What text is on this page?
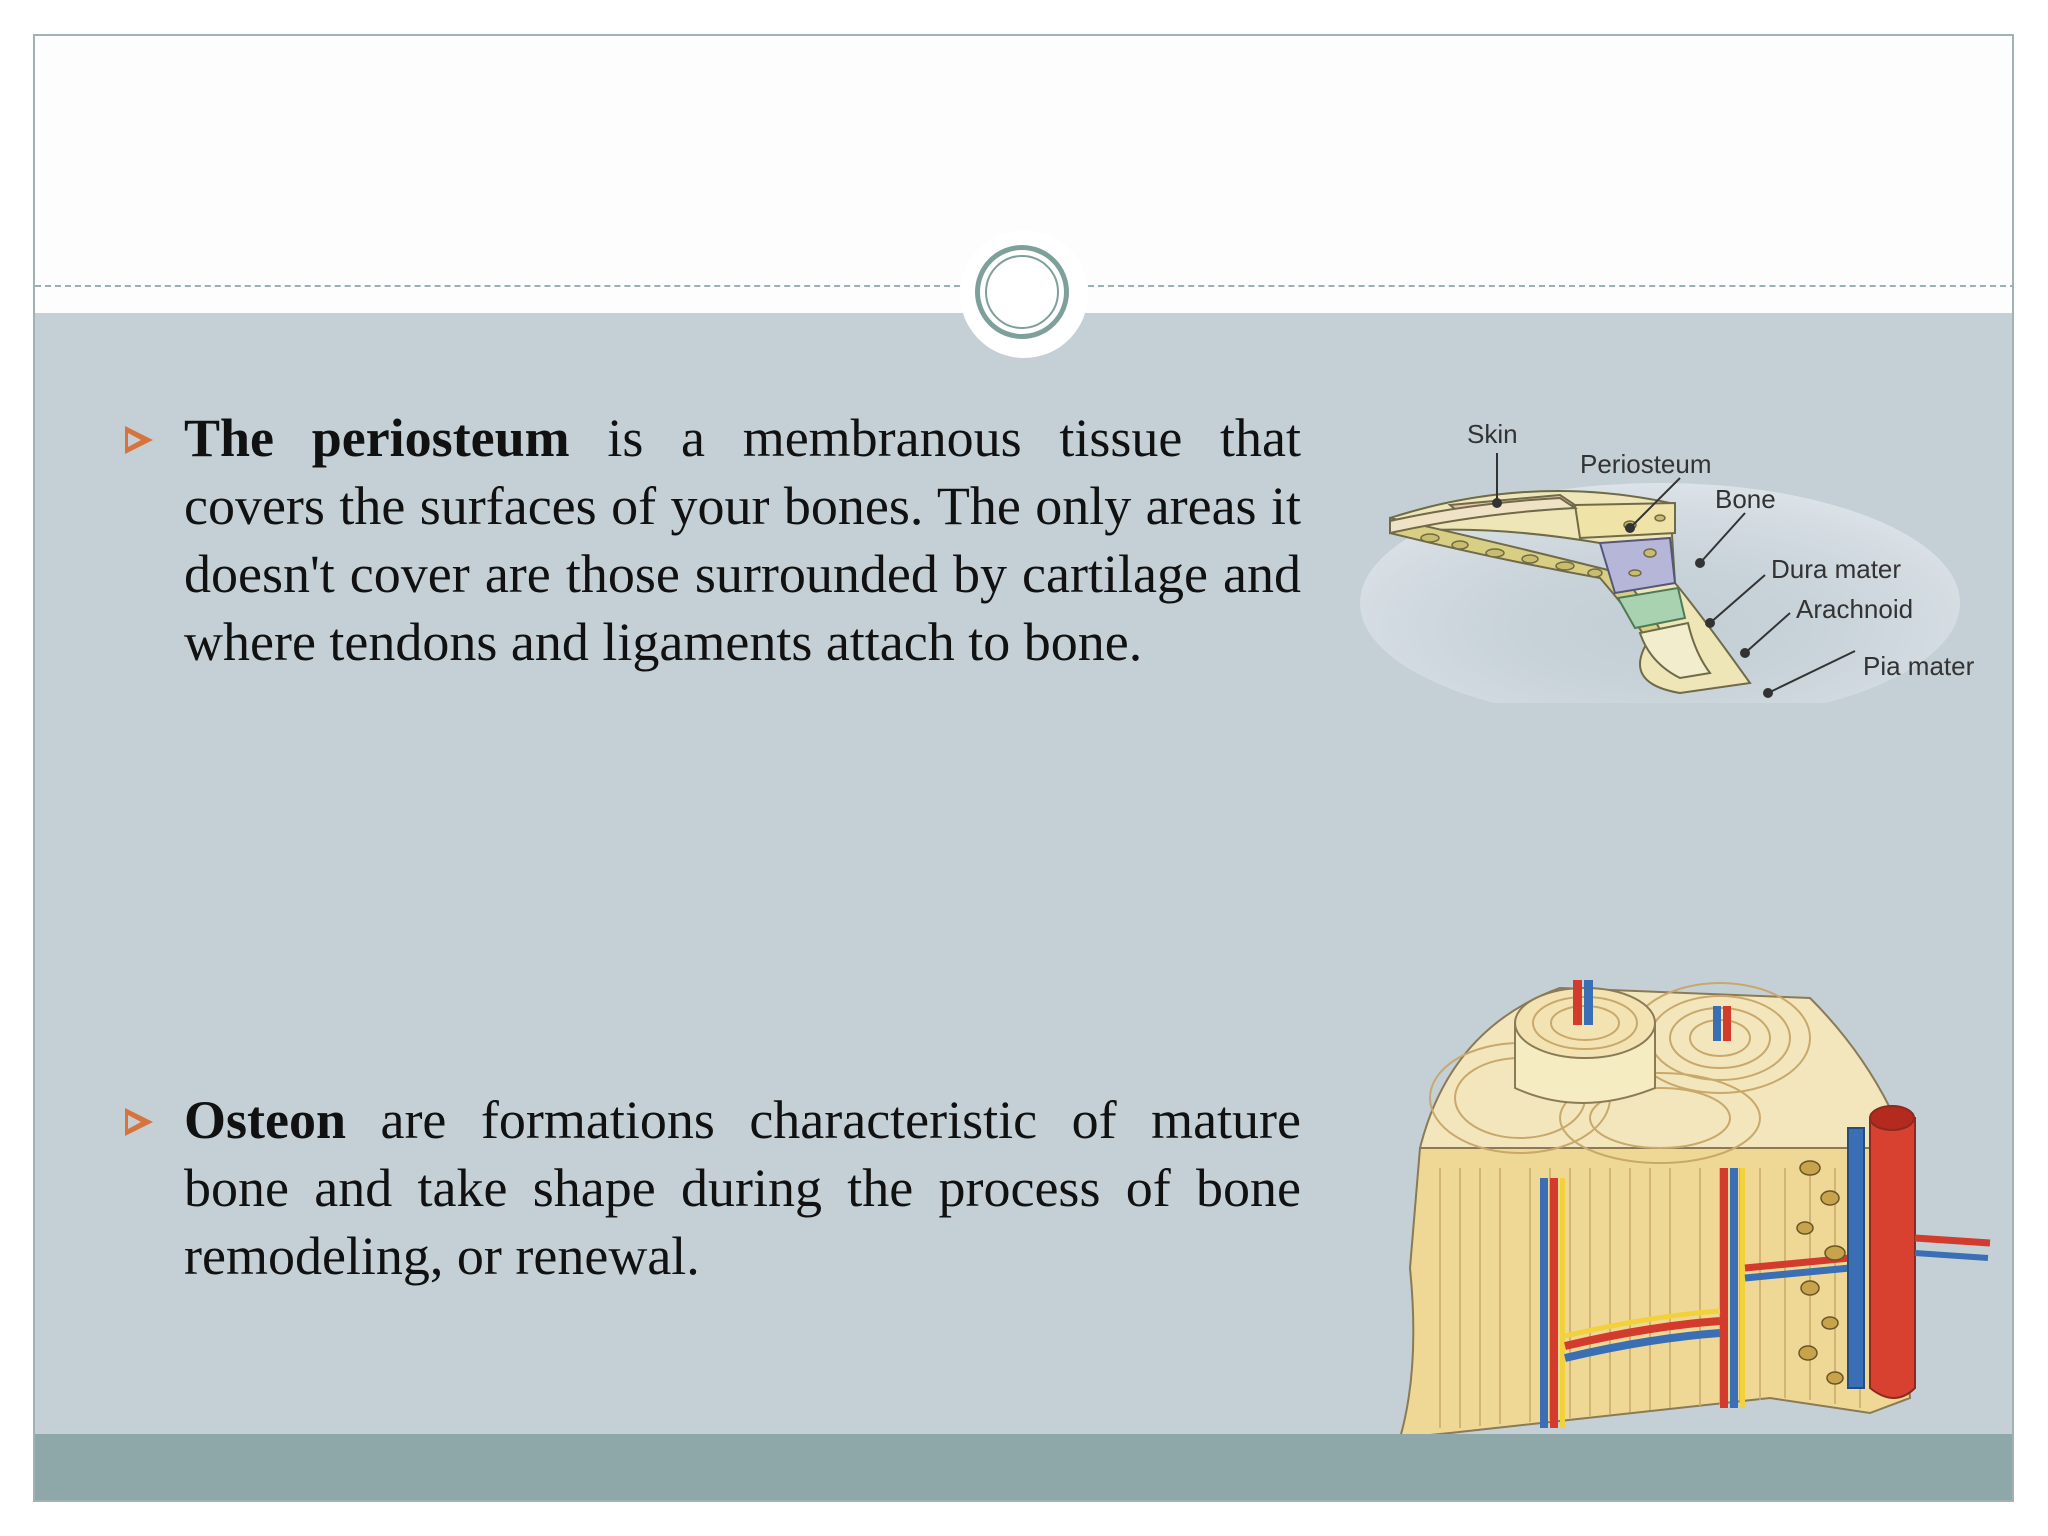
The periosteum is a membranous tissue that covers the surfaces of your bones. The only areas it doesn't cover are those surrounded by cartilage and where tendons and ligaments attach to bone.
Osteon are formations characteristic of mature bone and take shape during the process of bone remodeling, or renewal.
Skin
Periosteum
Bone
Dura mater
Arachnoid
Pia mater
